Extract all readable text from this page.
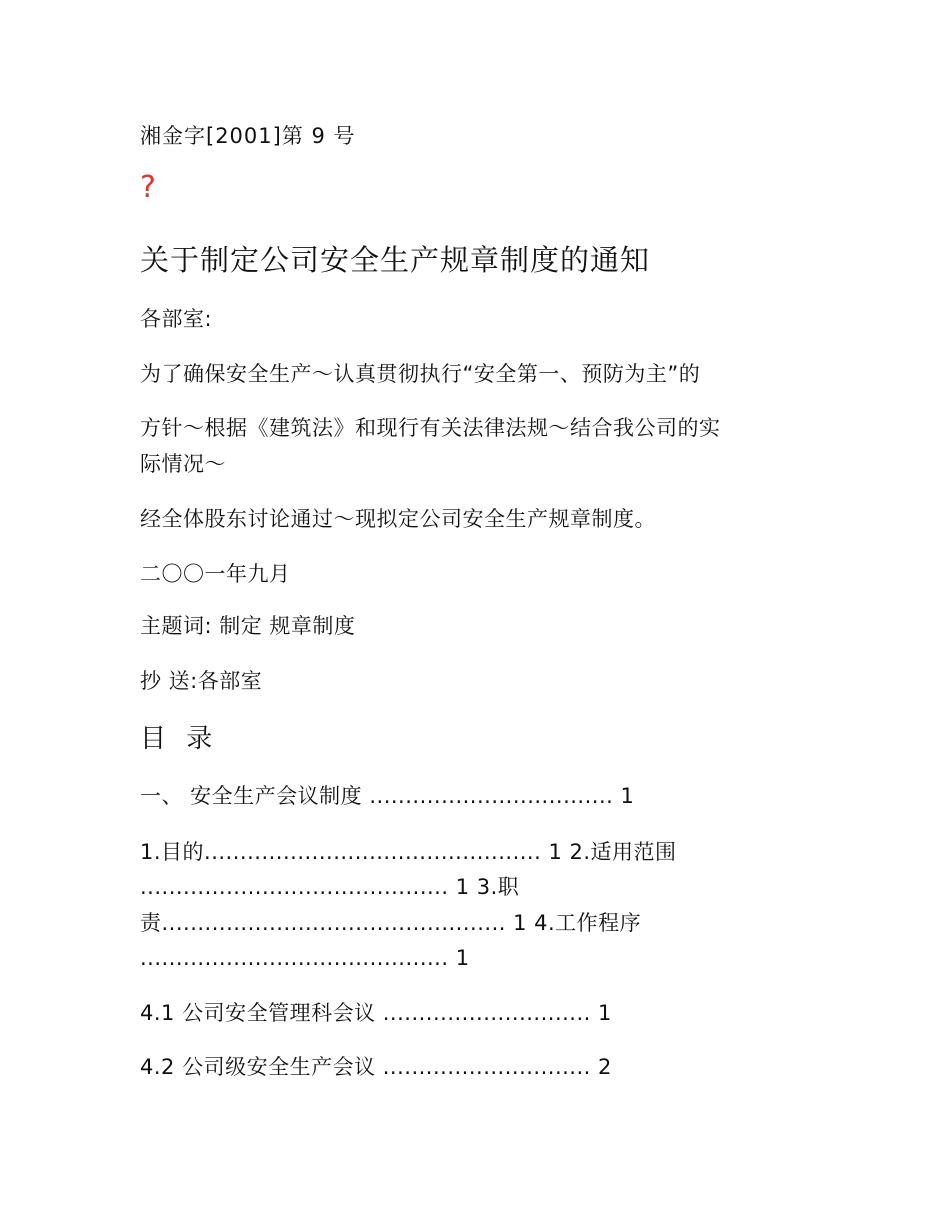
湘金字[2001]第 9 号
?
关于制定公司安全生产规章制度的通知
各部室:
为了确保安全生产～认真贯彻执行“安全第一、预防为主”的
方针～根据《建筑法》和现行有关法律法规～结合我公司的实
际情况～
经全体股东讨论通过～现拟定公司安全生产规章制度。
二〇〇一年九月
主题词: 制定 规章制度
抄 送:各部室
目 录
一、 安全生产会议制度 .................................. 1
1.目的............................................... 1 2.适用范围
........................................... 1 3.职
责................................................ 1 4.工作程序
........................................... 1
4.1 公司安全管理科会议 ............................. 1
4.2 公司级安全生产会议 ............................. 2
